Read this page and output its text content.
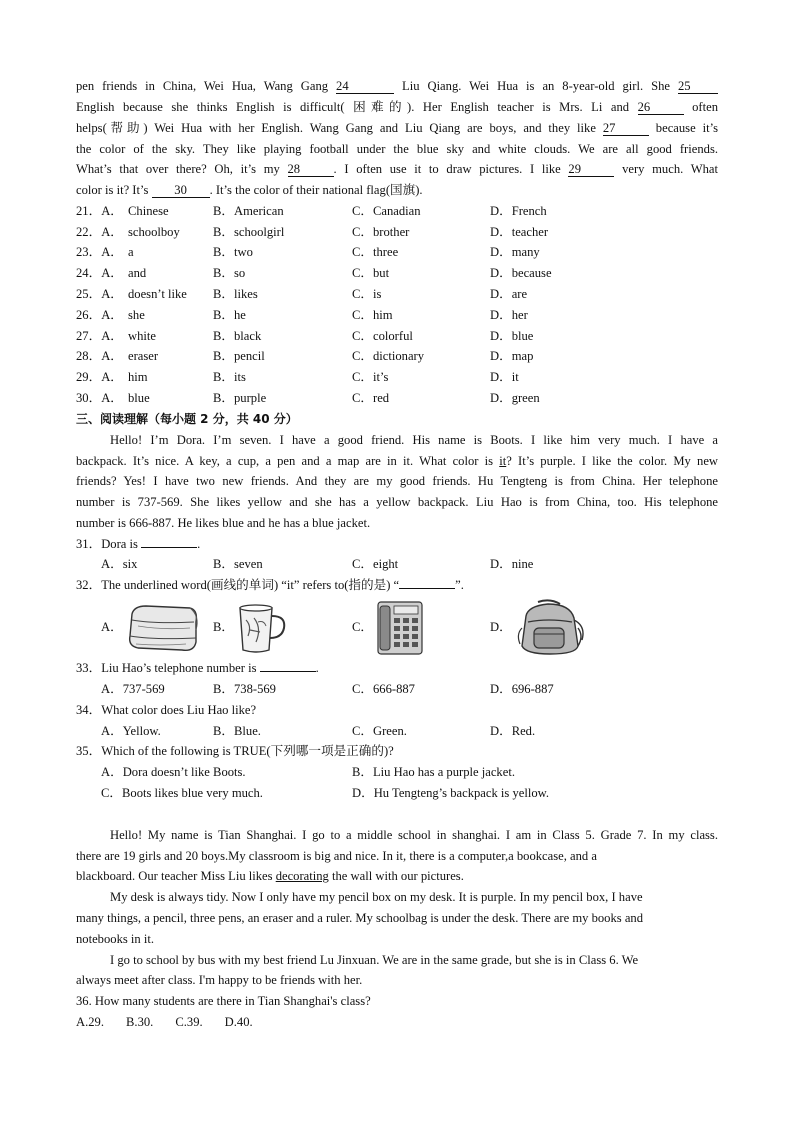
pen friends in China, Wei Hua, Wang Gang 24	Liu Qiang. Wei Hua is an 8-year-old girl. She 25
English because she thinks English is difficult( 困难的). Her English teacher is Mrs. Li and 26	often
helps(帮助) Wei Hua with her English. Wang Gang and Liu Qiang are boys, and they like 27	because it’s
the color of the sky. They like playing football under the blue sky and white clouds. We are all good friends.
What’s that over there? Oh, it’s my 28	. I often use it to draw pictures. I like 29	very much. What
color is it? It’s 30 . It’s the color of their national flag(国旗).
21．A． Chinese	B．American	C．Canadian	D．French
22．A． schoolboy	B．schoolgirl	C．brother	D．teacher
23．A． a	B．two	C．three	D．many
24．A． and	B．so	C．but	D．because
25．A． doesn’t like B．likes	C．is	D．are
26．A． she	B．he	C．him	D．her
27．A． white	B．black	C．colorful	D．blue
28．A． eraser	B．pencil	C．dictionary	D．map
29．A． him	B．its	C．it’s	D．it
30．A． blue	B．purple	C．red	D．green
三、阅读理解（每小题 2 分，共 40 分）
Hello! I’m Dora. I’m seven. I have a good friend. His name is Boots. I like him very much. I have a
backpack. It’s nice. A key, a cup, a pen and a map are in it. What color is it? It’s purple. I like the color. My new
friends? Yes! I have two new friends. And they are my good friends. Hu Tengteng is from China. Her telephone
number is 737-569. She likes yellow and she has a yellow backpack. Liu Hao is from China, too. His telephone
number is 666-887. He likes blue and he has a blue jacket.
31．Dora is	.
A．six	B．seven	C．eight	D．nine
32．The underlined word(画线的单词) “it” refers to(指的是) “	”.
A．	B．	C．	D．
33．Liu Hao’s telephone number is	.
A．737-569	B．738-569	C．666-887	D．696-887
34．What color does Liu Hao like?
A．Yellow.	B．Blue.	C．Green.	D．Red.
35．Which of the following is TRUE(下列哪一项是正确的)?
A．Dora doesn’t like Boots.	B．Liu Hao has a purple jacket.
C．Boots likes blue very much.	D．Hu Tengteng’s backpack is yellow.
Hello! My name is Tian Shanghai. I go to a middle school in shanghai. I am in Class 5. Grade 7. In my class.
there are 19 girls and 20 boys.My classroom is big and nice. In it, there is a computer,a bookcase, and a
blackboard. Our teacher Miss Liu likes decorating the wall with our pictures.
My desk is always tidy. Now I only have my pencil box on my desk. It is purple. In my pencil box, I have
many things, a pencil, three pens, an eraser and a ruler. My schoolbag is under the desk. There are my books and
notebooks in it.
I go to school by bus with my best friend Lu Jinxuan. We are in the same grade, but she is in Class 6. We
always meet after class. I'm happy to be friends with her.
36. How many students are there in Tian Shanghai's class?
A.29.       B.30.       C.39.       D.40.
